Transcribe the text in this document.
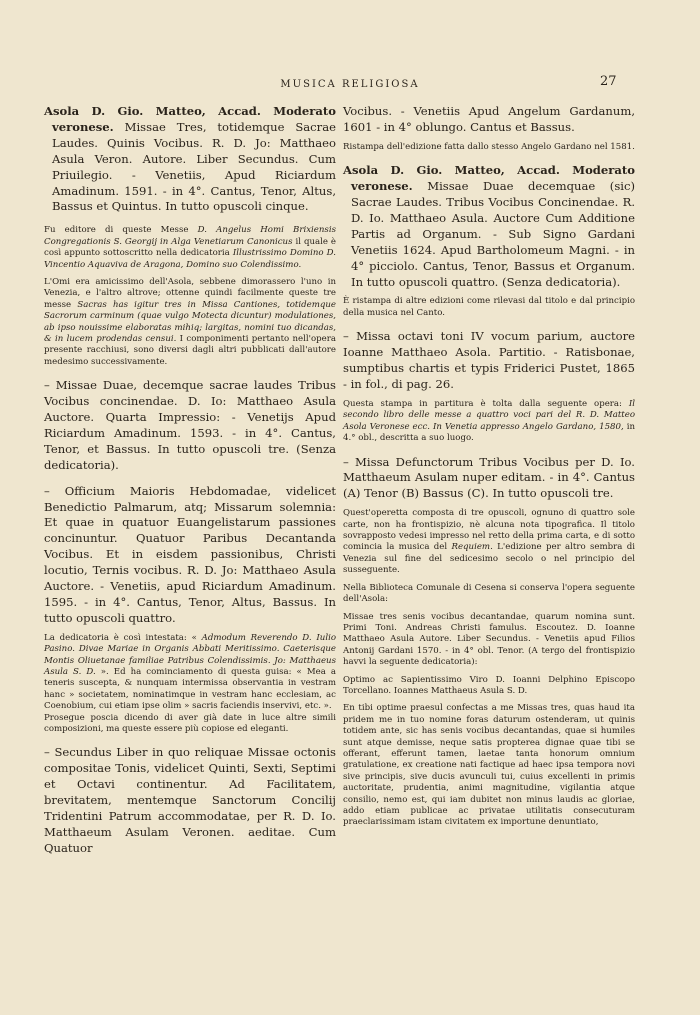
MUSICA RELIGIOSA	27

Asola D. Gio. Matteo, Accad. Moderato veronese. Missae Tres, totidemque Sacrae Laudes. Quinis Vocibus. R. D. Jo: Matthaeo Asula Veron. Autore. Liber Secundus. Cum Priuilegio. - Venetiis, Apud Riciardum Amadinum. 1591. - in 4°. Cantus, Tenor, Altus, Bassus et Quintus. In tutto opuscoli cinque.

Fu editore di queste Messe D. Angelus Homi Brixiensis Congregationis S. Georgij in Alga Venetiarum Canonicus il quale è così appunto sottoscritto nella dedicatoria Illustrissimo Domino D. Vincentio Aquaviva de Aragona, Domino suo Colendissimo.

L'Omi era amicissimo dell'Asola, sebbene dimorassero l'uno in Venezia, e l'altro altrove; ottenne quindi facilmente queste tre messe Sacras has igitur tres in Missa Cantiones, totidemque Sacrorum carminum (quae vulgo Motecta dicuntur) modulationes, ab ipso nouissime elaboratas mihiq; largitas, nomini tuo dicandas, & in lucem prodendas censui. I componimenti pertanto nell'opera presente racchiusi, sono diversi dagli altri pubblicati dall'autore medesimo successivamente.

– Missae Duae, decemque sacrae laudes Tribus Vocibus concinendae. D. Io: Matthaeo Asula Auctore. Quarta Impressio: - Venetijs Apud Riciardum Amadinum. 1593. - in 4°. Cantus, Tenor, et Bassus. In tutto opuscoli tre. (Senza dedicatoria).

– Officium Maioris Hebdomadae, videlicet Benedictio Palmarum, atq; Missarum solemnia: Et quae in quatuor Euangelistarum passiones concinuntur. Quatuor Paribus Decantanda Vocibus. Et in eisdem passionibus, Christi locutio, Ternis vocibus. R. D. Jo: Matthaeo Asula Auctore. - Venetiis, apud Riciardum Amadinum. 1595. - in 4°. Cantus, Tenor, Altus, Bassus. In tutto opuscoli quattro.

La dedicatoria è così intestata: « Admodum Reverendo D. Iulio Pasino. Divae Mariae in Organis Abbati Meritissimo. Caeterisque Montis Oliuetanae familiae Patribus Colendissimis. Jo: Matthaeus Asula S. D. ». Ed ha cominciamento di questa guisa: « Mea a teneris suscepta, & nunquam intermissa observantia in vestram hanc » societatem, nominatimque in vestram hanc ecclesiam, ac Coenobium, cui etiam ipse olim » sacris faciendis inservivi, etc. ».

Prosegue poscia dicendo di aver già date in luce altre simili composizioni, ma queste essere più copiose ed eleganti.

– Secundus Liber in quo reliquae Missae octonis compositae Tonis, videlicet Quinti, Sexti, Septimi et Octavi continentur. Ad Facilitatem, brevitatem, mentemque Sanctorum Concilij Tridentini Patrum accommodatae, per R. D. Io. Matthaeum Asulam Veronen. aeditae. Cum Quatuor

Vocibus. - Venetiis Apud Angelum Gardanum, 1601 - in 4° oblungo. Cantus et Bassus.

Ristampa dell'edizione fatta dallo stesso Angelo Gardano nel 1581.

Asola D. Gio. Matteo, Accad. Moderato veronese. Missae Duae decemquae (sic) Sacrae Laudes. Tribus Vocibus Concinendae. R. D. Io. Matthaeo Asula. Auctore Cum Additione Partis ad Organum. - Sub Signo Gardani Venetiis 1624. Apud Bartholomeum Magni. - in 4° picciolo. Cantus, Tenor, Bassus et Organum. In tutto opuscoli quattro. (Senza dedicatoria).

È ristampa di altre edizioni come rilevasi dal titolo e dal principio della musica nel Canto.

– Missa octavi toni IV vocum parium, auctore Ioanne Matthaeo Asola. Partitio. - Ratisbonae, sumptibus chartis et typis Friderici Pustet, 1865 - in fol., di pag. 26.

Questa stampa in partitura è tolta dalla seguente opera: Il secondo libro delle messe a quattro voci pari del R. D. Matteo Asola Veronese ecc. In Venetia appresso Angelo Gardano, 1580, in 4.° obl., descritta a suo luogo.

– Missa Defunctorum Tribus Vocibus per D. Io. Matthaeum Asulam nuper editam. - in 4°. Cantus (A) Tenor (B) Bassus (C). In tutto opuscoli tre.

Quest'operetta composta di tre opuscoli, ognuno di quattro sole carte, non ha frontispizio, nè alcuna nota tipografica. Il titolo sovrapposto vedesi impresso nel retto della prima carta, e di sotto comincia la musica del Requiem. L'edizione per altro sembra di Venezia sul fine del sedicesimo secolo o nel principio del susseguente.

Nella Biblioteca Comunale di Cesena si conserva l'opera seguente dell'Asola:

Missae tres senis vocibus decantandae, quarum nomina sunt. Primi Toni. Andreas Christi famulus. Escoutez. D. Ioanne Matthaeo Asula Autore. Liber Secundus. - Venetiis apud Filios Antonij Gardani 1570. - in 4° obl. Tenor. (A tergo del frontispizio havvi la seguente dedicatoria):

Optimo ac Sapientissimo Viro D. Ioanni Delphino Episcopo Torcellano. Ioannes Matthaeus Asula S. D.

En tibi optime praesul confectas a me Missas tres, quas haud ita pridem me in tuo nomine foras daturum ostenderam, ut quinis totidem ante, sic has senis vocibus decantandas, quae si humiles sunt atque demisse, neque satis propterea dignae quae tibi se offerant, efferunt tamen, laetae tanta honorum omnium gratulatione, ex creatione nati factique ad haec ipsa tempora novi sive principis, sive ducis avunculi tui, cuius excellenti in primis auctoritate, prudentia, animi magnitudine, vigilantia atque consilio, nemo est, qui iam dubitet non minus laudis ac gloriae, addo etiam publicae ac privatae utilitatis consecuturam praeclarissimam istam civitatem ex importune denuntiato,
